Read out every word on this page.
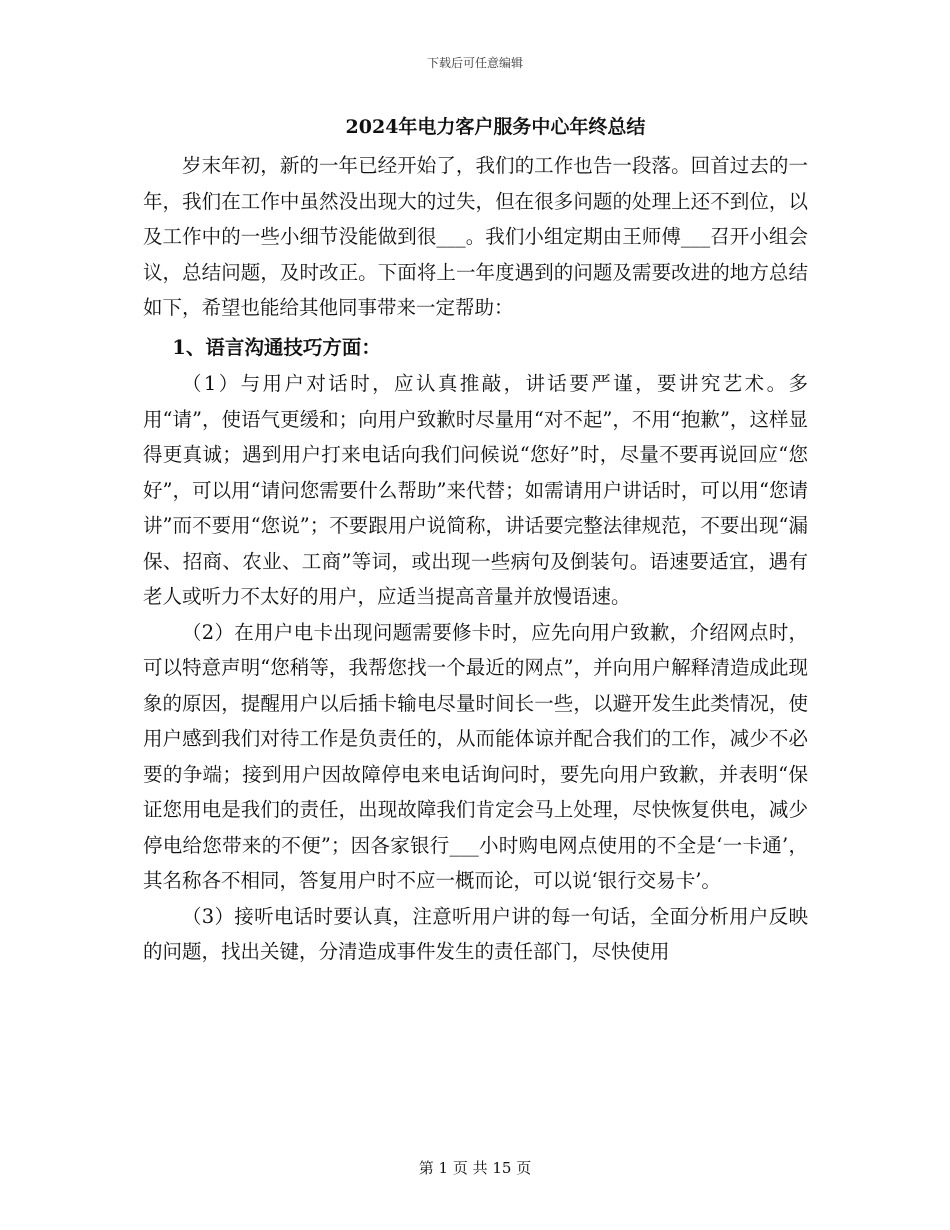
下载后可任意编辑
2024年电力客户服务中心年终总结

岁末年初，新的一年已经开始了，我们的工作也告一段落。回首过去的一年，我们在工作中虽然没出现大的过失，但在很多问题的处理上还不到位，以及工作中的一些小细节没能做到很___。我们小组定期由王师傅___召开小组会议，总结问题，及时改正。下面将上一年度遇到的问题及需要改进的地方总结如下，希望也能给其他同事带来一定帮助：

1、语言沟通技巧方面：

（1）与用户对话时，应认真推敲，讲话要严谨，要讲究艺术。多用“请”，使语气更缓和；向用户致歉时尽量用“对不起”，不用“抱歉”，这样显得更真诚；遇到用户打来电话向我们问候说“您好”时，尽量不要再说回应“您好”，可以用“请问您需要什么帮助”来代替；如需请用户讲话时，可以用“您请讲”而不要用“您说”；不要跟用户说简称，讲话要完整法律规范，不要出现“漏保、招商、农业、工商”等词，或出现一些病句及倒装句。语速要适宜，遇有老人或听力不太好的用户，应适当提高音量并放慢语速。

（2）在用户电卡出现问题需要修卡时，应先向用户致歉，介绍网点时，可以特意声明“您稍等，我帮您找一个最近的网点”，并向用户解释清造成此现象的原因，提醒用户以后插卡输电尽量时间长一些，以避开发生此类情况，使用户感到我们对待工作是负责任的，从而能体谅并配合我们的工作，减少不必要的争端；接到用户因故障停电来电话询问时，要先向用户致歉，并表明“保证您用电是我们的责任，出现故障我们肯定会马上处理，尽快恢复供电，减少停电给您带来的不便”；因各家银行___小时购电网点使用的不全是‘一卡通’，其名称各不相同，答复用户时不应一概而论，可以说‘银行交易卡’。

（3）接听电话时要认真，注意听用户讲的每一句话，全面分析用户反映的问题，找出关键，分清造成事件发生的责任部门，尽快使用

第 1 页 共 15 页
